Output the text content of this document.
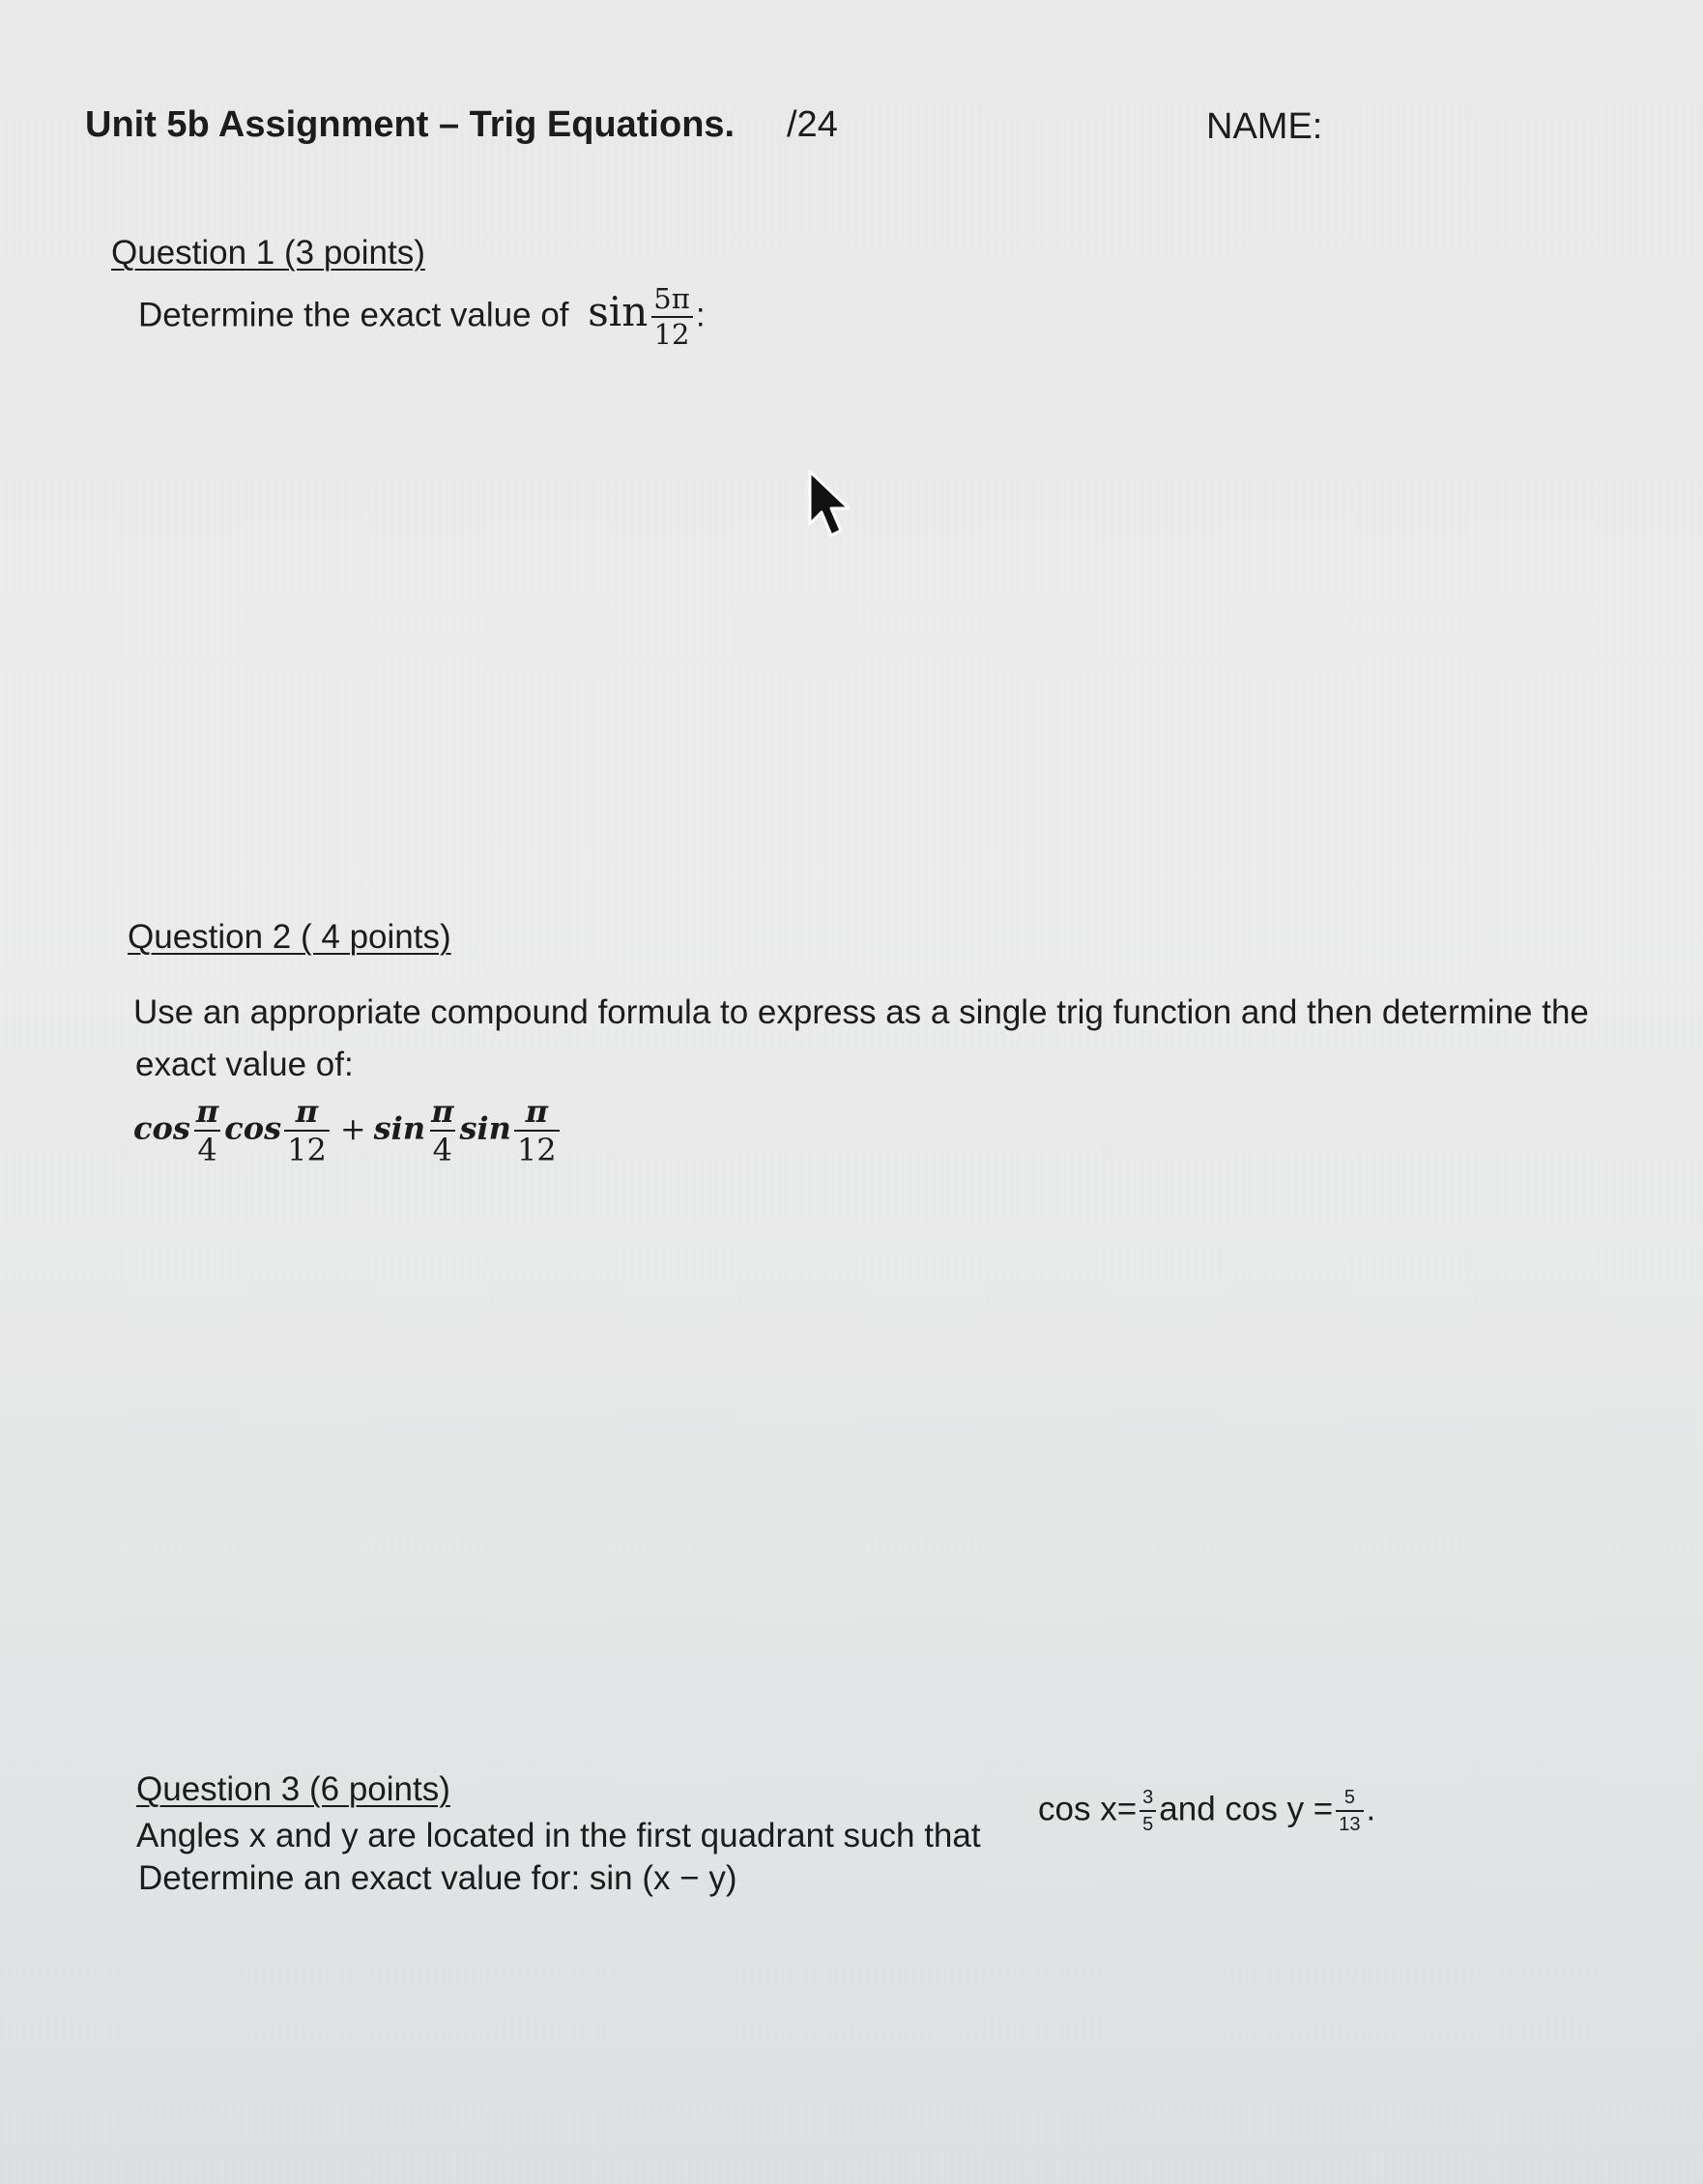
Unit 5b Assignment – Trig Equations. /24	NAME:
Question 1 (3 points)
Determine the exact value of $\sin \frac{5\pi}{12}$ :
Question 2 ( 4 points)
Use an appropriate compound formula to express as a single trig function and then determine the
exact value of:
$\cos \frac{\pi}{4}$ $\cos \frac{\pi}{12} + \sin \frac{\pi}{4}$ $\sin \frac{\pi}{12}$
Question 3 (6 points)
Angles x and y are located in the first quadrant such that
$\cos x= \frac{3}{5}$ and $\cos y = \frac{5}{13}$ .
Determine an exact value for: sin (x − y)
